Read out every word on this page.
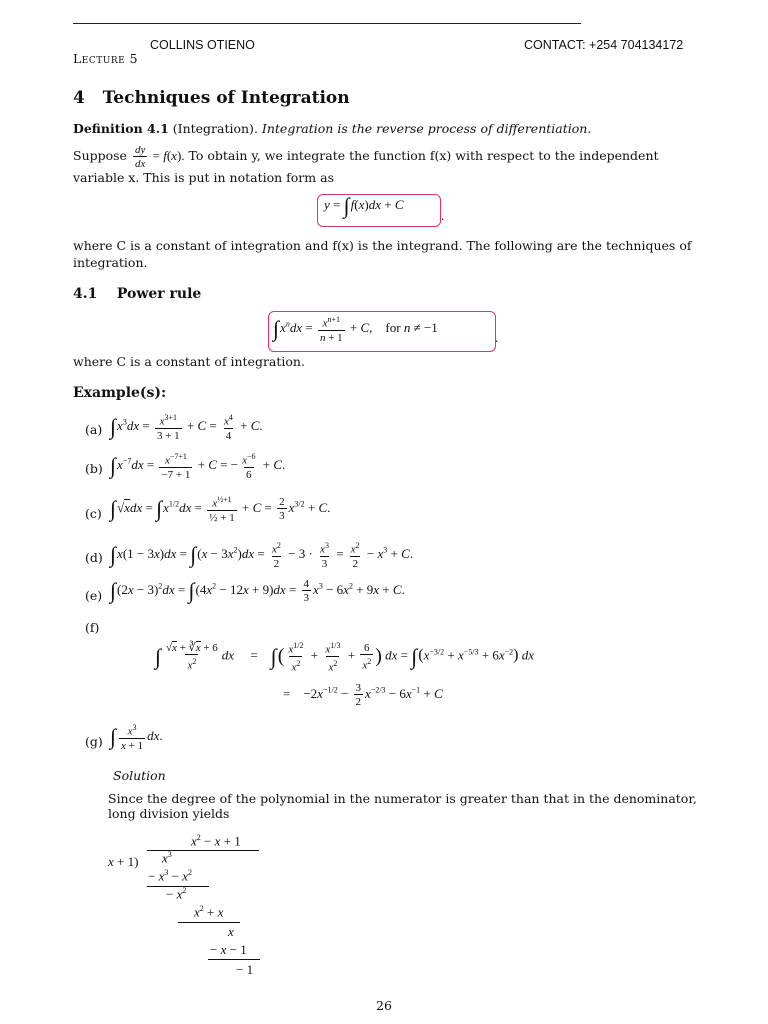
COLLINS OTIENO	CONTACT: +254 704134172
Lecture 5
4 Techniques of Integration
Definition 4.1 (Integration). Integration is the reverse process of differentiation.
Suppose $\frac{dy}{dx} = f(x)$. To obtain y, we integrate the function f(x) with respect to the independent
variable x. This is put in notation form as
y = ∫f(x)dx + C
.
where C is a constant of integration and f(x) is the integrand. The following are the techniques of
integration.
4.1 Power rule
$\int x^ndx = \frac{x^{n+1}}{n + 1} + C$,    for n ≠ −1
.
where C is a constant of integration.
Example(s):
(a) $\int x^3dx = \frac{x^{3+1}}{3 + 1} + C = \frac{x^4}{4} + C$.
(b) $\int x^{-7}dx = \frac{x^{-7+1}}{-7 + 1} + C$ = − $\frac{x^{-6}}{6} + C$.
(c) $\int√xdx = \int x^{1/2}dx = \frac{x^{\frac{1}{2}+1}}{\text{½ + 1}} + C = \frac{2}{3} x^{3/2} + C$.
(d) $\int x(1 - 3x)dx = \int(x - 3x^2)dx = \frac{x^2}{2} - 3 \cdot \frac{x^3}{3} = \frac{x^2}{2} - x^3 + C$.
(e) $\int(2x - 3)^2dx = \int(4x^2 - 12x + 9)dx = \frac{4}{3} x^3 - 6x^2 + 9x + C$.
(f)
∫ $\frac{√x + ∛x + 6}{x^2}$ dx     =    ∫( $\frac{x^{1/2}}{x^2} + \frac{x^{1/3}}{x^2} + \frac{6}{x^2}$ ) dx = $\int(x^{-3/2} + x^{-5/3} + 6x^{-2})$ dx
=    $-2x^{-1/2} - \frac{3}{2} x^{-2/3} - 6x^{-1} + C$
(g) ∫ $\frac{x^3}{x + 1}$ dx.
Solution
Since the degree of the polynomial in the numerator is greater than that in the denominator,
long division yields
$x^2 - x + 1$
x + 1) $x^3$
− $x^3 - x^2$
− $x^2$
$x^2 + x$
x
− x − 1
− 1
26
